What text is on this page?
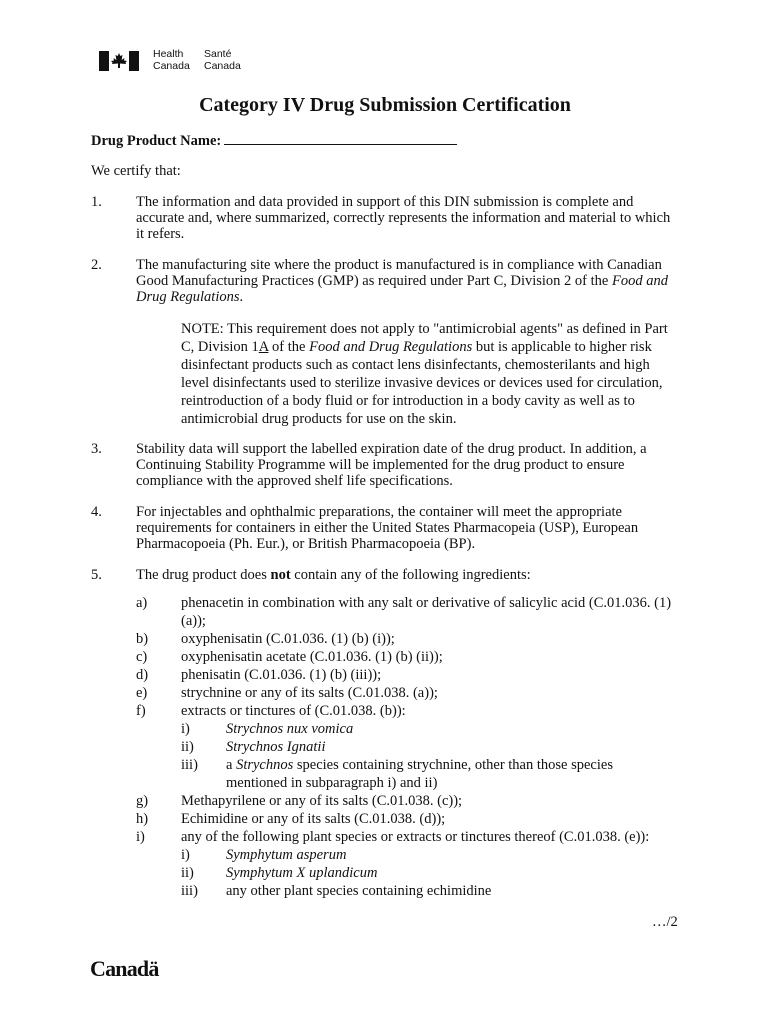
Health
Canada
Santé
Canada
Category IV Drug Submission Certification
Drug Product Name:
We certify that:
1. The information and data provided in support of this DIN submission is complete and accurate and, where summarized, correctly represents the information and material to which it refers.
2. The manufacturing site where the product is manufactured is in compliance with Canadian Good Manufacturing Practices (GMP) as required under Part C, Division 2 of the Food and Drug Regulations.
NOTE: This requirement does not apply to "antimicrobial agents" as defined in Part C, Division 1A of the Food and Drug Regulations but is applicable to higher risk disinfectant products such as contact lens disinfectants, chemosterilants and high level disinfectants used to sterilize invasive devices or devices used for circulation, reintroduction of a body fluid or for introduction in a body cavity as well as to antimicrobial drug products for use on the skin.
3. Stability data will support the labelled expiration date of the drug product. In addition, a Continuing Stability Programme will be implemented for the drug product to ensure compliance with the approved shelf life specifications.
4. For injectables and ophthalmic preparations, the container will meet the appropriate requirements for containers in either the United States Pharmacopeia (USP), European Pharmacopoeia (Ph. Eur.), or British Pharmacopoeia (BP).
5. The drug product does not contain any of the following ingredients:
a) phenacetin in combination with any salt or derivative of salicylic acid (C.01.036. (1) (a));
b) oxyphenisatin (C.01.036. (1) (b) (i));
c) oxyphenisatin acetate (C.01.036. (1) (b) (ii));
d) phenisatin (C.01.036. (1) (b) (iii));
e) strychnine or any of its salts (C.01.038. (a));
f) extracts or tinctures of (C.01.038. (b)):
i) Strychnos nux vomica
ii) Strychnos Ignatii
iii) a Strychnos species containing strychnine, other than those species mentioned in subparagraph i) and ii)
g) Methapyrilene or any of its salts (C.01.038. (c));
h) Echimidine or any of its salts (C.01.038. (d));
i) any of the following plant species or extracts or tinctures thereof (C.01.038. (e)):
i) Symphytum asperum
ii) Symphytum X uplandicum
iii) any other plant species containing echimidine
…/2
Canadä
